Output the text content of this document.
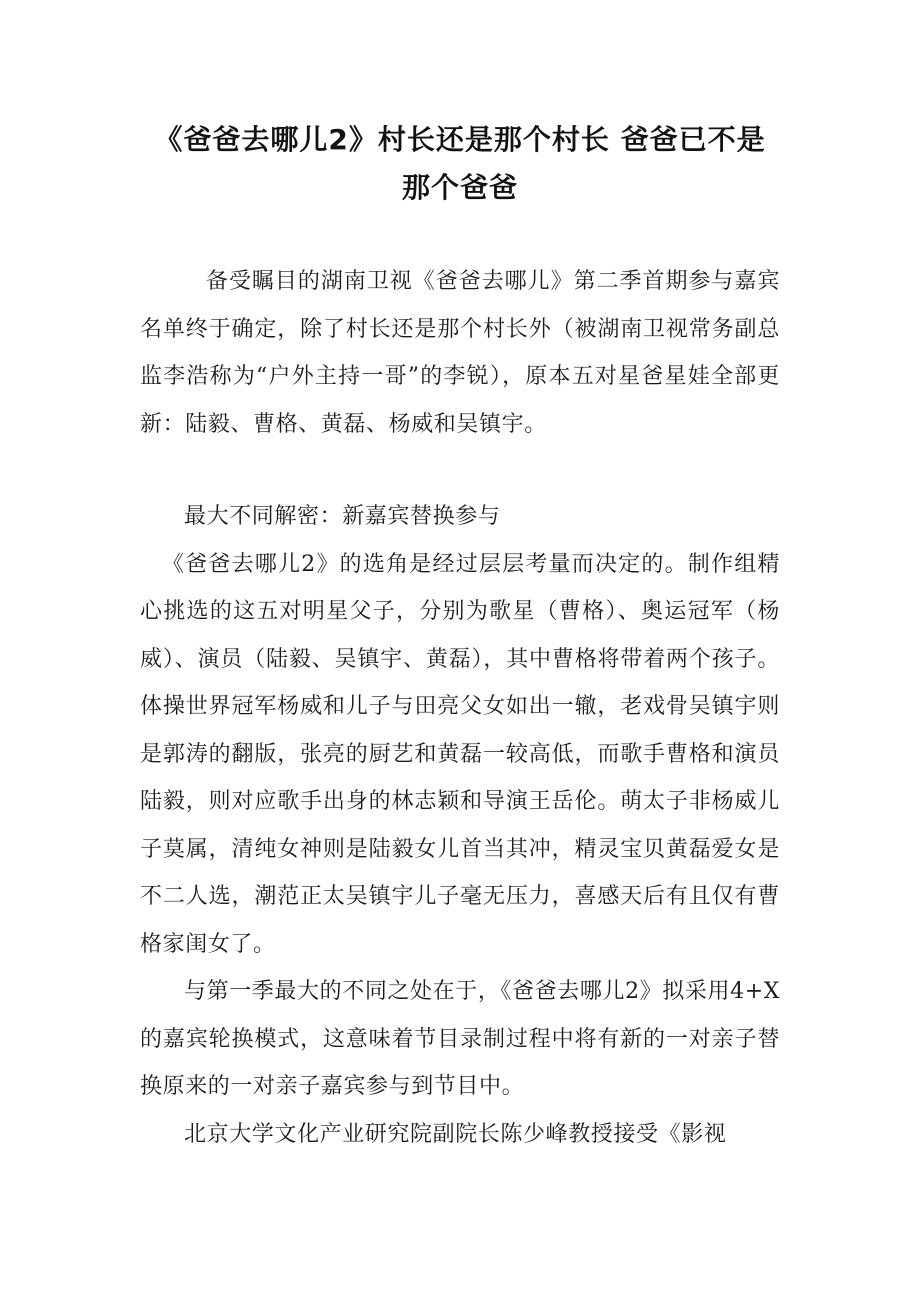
《爸爸去哪儿2》村长还是那个村长 爸爸已不是那个爸爸

备受瞩目的湖南卫视《爸爸去哪儿》第二季首期参与嘉宾名单终于确定，除了村长还是那个村长外（被湖南卫视常务副总监李浩称为“户外主持一哥”的李锐），原本五对星爸星娃全部更新：陆毅、曹格、黄磊、杨威和吴镇宇。

最大不同解密：新嘉宾替换参与

《爸爸去哪儿2》的选角是经过层层考量而决定的。制作组精心挑选的这五对明星父子，分别为歌星（曹格）、奥运冠军（杨威）、演员（陆毅、吴镇宇、黄磊），其中曹格将带着两个孩子。体操世界冠军杨威和儿子与田亮父女如出一辙，老戏骨吴镇宇则是郭涛的翻版，张亮的厨艺和黄磊一较高低，而歌手曹格和演员陆毅，则对应歌手出身的林志颖和导演王岳伦。萌太子非杨威儿子莫属，清纯女神则是陆毅女儿首当其冲，精灵宝贝黄磊爱女是不二人选，潮范正太吴镇宇儿子毫无压力，喜感天后有且仅有曹格家闺女了。

与第一季最大的不同之处在于，《爸爸去哪儿2》拟采用4+X的嘉宾轮换模式，这意味着节目录制过程中将有新的一对亲子替换原来的一对亲子嘉宾参与到节目中。

北京大学文化产业研究院副院长陈少峰教授接受《影视
